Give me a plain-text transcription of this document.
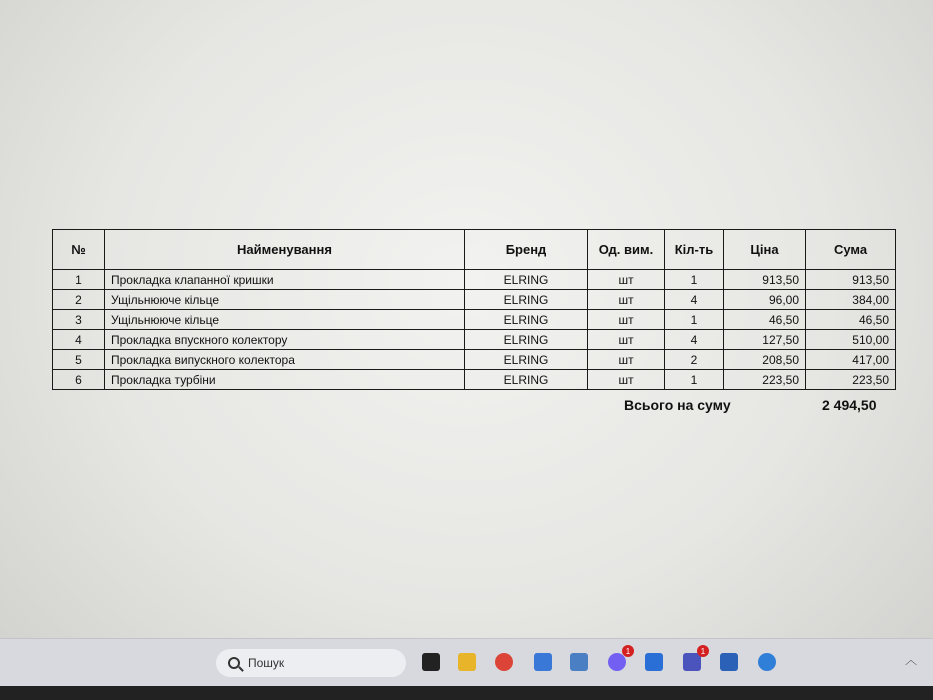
№	Найменування	Бренд	Од. вим.	Кіл-ть	Ціна	Сума
1	Прокладка клапанної кришки	ELRING	шт	1	913,50	913,50
2	Ущільнююче кільце	ELRING	шт	4	96,00	384,00
3	Ущільнююче кільце	ELRING	шт	1	46,50	46,50
4	Прокладка впускного колектору	ELRING	шт	4	127,50	510,00
5	Прокладка випускного колектора	ELRING	шт	2	208,50	417,00
6	Прокладка турбіни	ELRING	шт	1	223,50	223,50
Всього на суму	2 494,50
Пошук
1	1
︿
